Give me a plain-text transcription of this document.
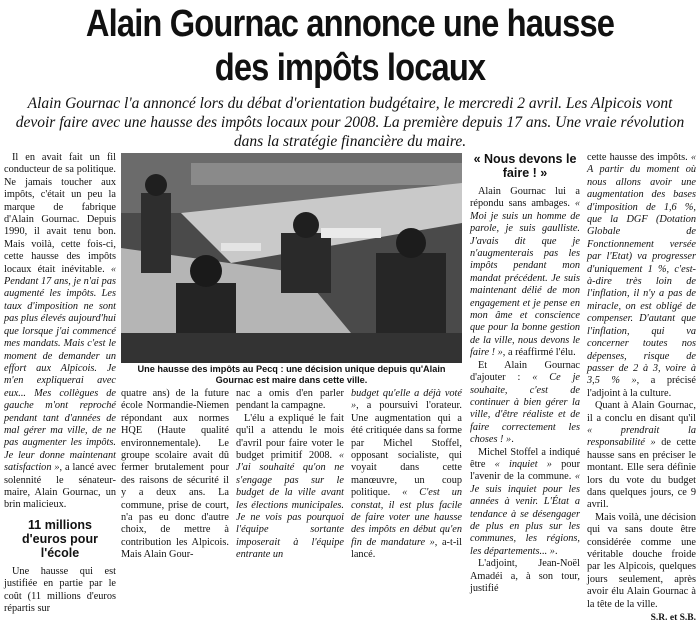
Alain Gournac annonce une hausse
des impôts locaux
Alain Gournac l'a annoncé lors du débat d'orientation budgétaire, le mercredi 2 avril. Les Alpicois vont devoir faire avec une hausse des impôts locaux pour 2008. La première depuis 17 ans. Une vraie révolution dans la stratégie financière du maire.

Il en avait fait un fil conducteur de sa politique. Ne jamais toucher aux impôts, c'était un peu la marque de fabrique d'Alain Gournac. Depuis 1990, il avait tenu bon. Mais voilà, cette fois-ci, cette hausse des impôts locaux était inévitable. « Pendant 17 ans, je n'ai pas augmenté les impôts. Les taux d'imposition ne sont pas plus élevés aujourd'hui que lorsque j'ai commencé mes mandats. Mais c'est le moment de demander un effort aux Alpicois. Je m'en expliquerai avec eux... Mes collègues de gauche m'ont reproché pendant tant d'années de mal gérer ma ville, de ne pas augmenter les impôts. Je leur donne maintenant satisfaction », a lancé avec solennité le sénateur-maire, Alain Gournac, un brin malicieux.

11 millions d'euros pour l'école

Une hausse qui est justifiée en partie par le coût (11 millions d'euros répartis sur

Une hausse des impôts au Pecq : une décision unique depuis qu'Alain Gournac est maire dans cette ville.

quatre ans) de la future école Normandie-Niemen répondant aux normes HQE (Haute qualité environnementale). Le groupe scolaire avait dû fermer brutalement pour des raisons de sécurité il y a deux ans. La commune, prise de court, n'a pas eu donc d'autre choix, de mettre à contribution les Alpicois. Mais Alain Gour-

nac a omis d'en parler pendant la campagne.

L'élu a expliqué le fait qu'il a attendu le mois d'avril pour faire voter le budget primitif 2008. « J'ai souhaité qu'on ne s'engage pas sur le budget de la ville avant les élections municipales. Je ne vois pas pourquoi l'équipe sortante imposerait à l'équipe entrante un

budget qu'elle a déjà voté », a poursuivi l'orateur. Une augmentation qui a été critiquée dans sa forme par Michel Stoffel, opposant socialiste, qui voyait dans cette manœuvre, un coup politique. « C'est un constat, il est plus facile de faire voter une hausse des impôts en début qu'en fin de mandature », a-t-il lancé.

« Nous devons le faire ! »

Alain Gournac lui a répondu sans ambages. « Moi je suis un homme de parole, je suis gaulliste. J'avais dit que je n'augmenterais pas les impôts pendant mon mandat précédent. Je suis maintenant délié de mon engagement et je pense en mon âme et conscience que pour la bonne gestion de la ville, nous devons le faire ! », a réaffirmé l'élu.

Et Alain Gournac d'ajouter : « Ce je souhaite, c'est de continuer à bien gérer la ville, d'être réaliste et de faire correctement les choses ! ».

Michel Stoffel a indiqué être « inquiet » pour l'avenir de la commune. « Je suis inquiet pour les années à venir. L'État a tendance à se désengager de plus en plus sur les communes, les régions, les départements... ».

L'adjoint, Jean-Noël Amadéi a, à son tour, justifié

cette hausse des impôts. « A partir du moment où nous allons avoir une augmentation des bases d'imposition de 1,6 %, que la DGF (Dotation Globale de Fonctionnement versée par l'Etat) va progresser d'uniquement 1 %, c'est-à-dire très loin de l'inflation, il n'y a pas de miracle, on est obligé de compenser. D'autant que l'inflation, qui va concerner toutes nos dépenses, risque de passer de 2 à 3, voire à 3,5 % », a précisé l'adjoint à la culture.

Quant à Alain Gournac, il a conclu en disant qu'il « prendrait la responsabilité » de cette hausse sans en préciser le montant. Elle sera définie lors du vote du budget dans quelques jours, ce 9 avril.

Mais voilà, une décision qui va sans doute être considérée comme une véritable douche froide par les Alpicois, quelques jours seulement, après avoir élu Alain Gournac à la tête de la ville.

S.R. et S.B.
